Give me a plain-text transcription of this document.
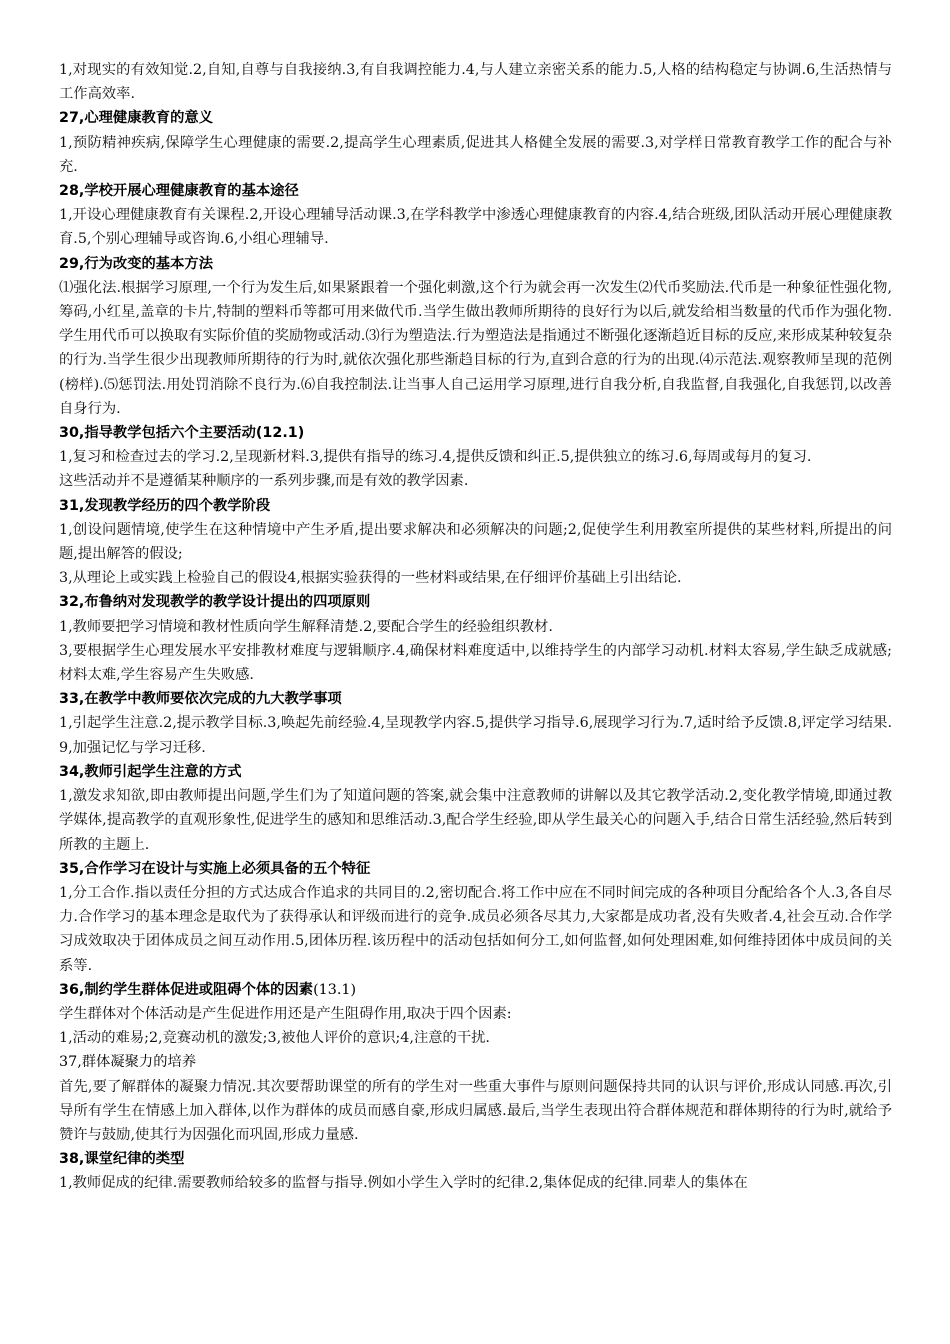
1,对现实的有效知觉.2,自知,自尊与自我接纳.3,有自我调控能力.4,与人建立亲密关系的能力.5,人格的结构稳定与协调.6,生活热情与工作高效率.

27,心理健康教育的意义

1,预防精神疾病,保障学生心理健康的需要.2,提高学生心理素质,促进其人格健全发展的需要.3,对学样日常教育教学工作的配合与补充.

28,学校开展心理健康教育的基本途径

1,开设心理健康教育有关课程.2,开设心理辅导活动课.3,在学科教学中渗透心理健康教育的内容.4,结合班级,团队活动开展心理健康教育.5,个别心理辅导或咨询.6,小组心理辅导.

29,行为改变的基本方法

⑴强化法.根据学习原理,一个行为发生后,如果紧跟着一个强化刺激,这个行为就会再一次发生⑵代币奖励法.代币是一种象征性强化物,筹码,小红星,盖章的卡片,特制的塑料币等都可用来做代币.当学生做出教师所期待的良好行为以后,就发给相当数量的代币作为强化物.学生用代币可以换取有实际价值的奖励物或活动.⑶行为塑造法.行为塑造法是指通过不断强化逐渐趋近目标的反应,来形成某种较复杂的行为.当学生很少出现教师所期待的行为时,就依次强化那些渐趋目标的行为,直到合意的行为的出现.⑷示范法.观察教师呈现的范例(榜样).⑸惩罚法.用处罚消除不良行为.⑹自我控制法.让当事人自己运用学习原理,进行自我分析,自我监督,自我强化,自我惩罚,以改善自身行为.

30,指导教学包括六个主要活动(12.1)

1,复习和检查过去的学习.2,呈现新材料.3,提供有指导的练习.4,提供反馈和纠正.5,提供独立的练习.6,每周或每月的复习.

这些活动并不是遵循某种顺序的一系列步骤,而是有效的教学因素.

31,发现教学经历的四个教学阶段

1,创设问题情境,使学生在这种情境中产生矛盾,提出要求解决和必须解决的问题;2,促使学生利用教室所提供的某些材料,所提出的问题,提出解答的假设;

3,从理论上或实践上检验自己的假设4,根据实验获得的一些材料或结果,在仔细评价基础上引出结论.

32,布鲁纳对发现教学的教学设计提出的四项原则

1,教师要把学习情境和教材性质向学生解释清楚.2,要配合学生的经验组织教材.

3,要根据学生心理发展水平安排教材难度与逻辑顺序.4,确保材料难度适中,以维持学生的内部学习动机.材料太容易,学生缺乏成就感;材料太难,学生容易产生失败感.

33,在教学中教师要依次完成的九大教学事项

1,引起学生注意.2,提示教学目标.3,唤起先前经验.4,呈现教学内容.5,提供学习指导.6,展现学习行为.7,适时给予反馈.8,评定学习结果.9,加强记忆与学习迁移.

34,教师引起学生注意的方式

1,激发求知欲,即由教师提出问题,学生们为了知道问题的答案,就会集中注意教师的讲解以及其它教学活动.2,变化教学情境,即通过教学媒体,提高教学的直观形象性,促进学生的感知和思维活动.3,配合学生经验,即从学生最关心的问题入手,结合日常生活经验,然后转到所教的主题上.

35,合作学习在设计与实施上必须具备的五个特征

1,分工合作.指以责任分担的方式达成合作追求的共同目的.2,密切配合.将工作中应在不同时间完成的各种项目分配给各个人.3,各自尽力.合作学习的基本理念是取代为了获得承认和评级而进行的竞争.成员必须各尽其力,大家都是成功者,没有失败者.4,社会互动.合作学习成效取决于团体成员之间互动作用.5,团体历程.该历程中的活动包括如何分工,如何监督,如何处理困难,如何维持团体中成员间的关系等.

36,制约学生群体促进或阻碍个体的因素(13.1)

学生群体对个体活动是产生促进作用还是产生阻碍作用,取决于四个因素:

1,活动的难易;2,竞赛动机的激发;3,被他人评价的意识;4,注意的干扰.

37,群体凝聚力的培养

首先,要了解群体的凝聚力情况.其次要帮助课堂的所有的学生对一些重大事件与原则问题保持共同的认识与评价,形成认同感.再次,引导所有学生在情感上加入群体,以作为群体的成员而感自豪,形成归属感.最后,当学生表现出符合群体规范和群体期待的行为时,就给予赞许与鼓励,使其行为因强化而巩固,形成力量感.

38,课堂纪律的类型

1,教师促成的纪律.需要教师给较多的监督与指导.例如小学生入学时的纪律.2,集体促成的纪律.同辈人的集体在
